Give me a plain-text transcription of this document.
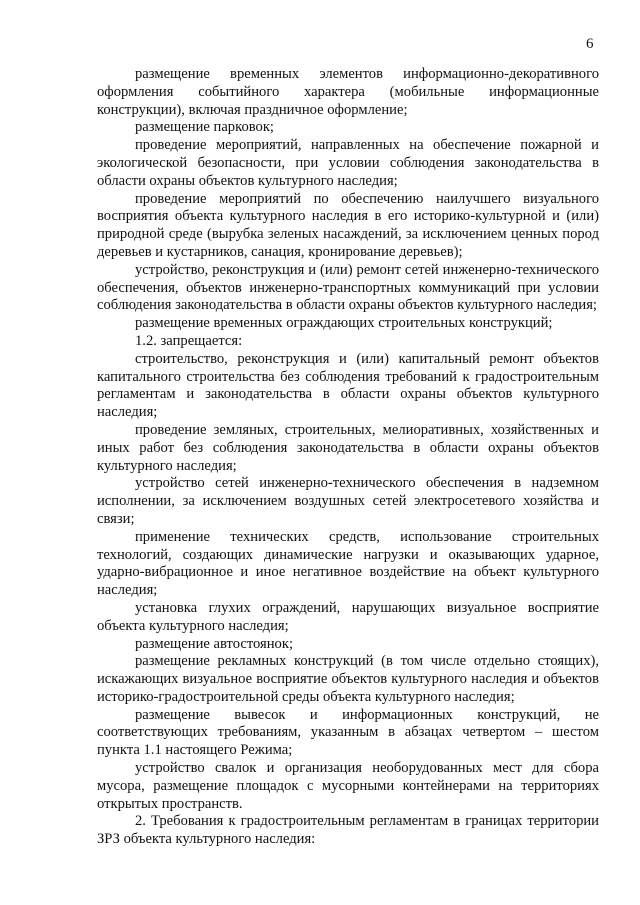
6

размещение временных элементов информационно-декоративного оформления событийного характера (мобильные информационные конструкции), включая праздничное оформление;

размещение парковок;

проведение мероприятий, направленных на обеспечение пожарной и экологической безопасности, при условии соблюдения законодательства в области охраны объектов культурного наследия;

проведение мероприятий по обеспечению наилучшего визуального восприятия объекта культурного наследия в его историко-культурной и (или) природной среде (вырубка зеленых насаждений, за исключением ценных пород деревьев и кустарников, санация, кронирование деревьев);

устройство, реконструкция и (или) ремонт сетей инженерно-технического обеспечения, объектов инженерно-транспортных коммуникаций при условии соблюдения законодательства в области охраны объектов культурного наследия;

размещение временных ограждающих строительных конструкций;

1.2. запрещается:

строительство, реконструкция и (или) капитальный ремонт объектов капитального строительства без соблюдения требований к градостроительным регламентам и законодательства в области охраны объектов культурного наследия;

проведение земляных, строительных, мелиоративных, хозяйственных и иных работ без соблюдения законодательства в области охраны объектов культурного наследия;

устройство сетей инженерно-технического обеспечения в надземном исполнении, за исключением воздушных сетей электросетевого хозяйства и связи;

применение технических средств, использование строительных технологий, создающих динамические нагрузки и оказывающих ударное, ударно-вибрационное и иное негативное воздействие на объект культурного наследия;

установка глухих ограждений, нарушающих визуальное восприятие объекта культурного наследия;

размещение автостоянок;

размещение рекламных конструкций (в том числе отдельно стоящих), искажающих визуальное восприятие объектов культурного наследия и объектов историко-градостроительной среды объекта культурного наследия;

размещение вывесок и информационных конструкций, не соответствующих требованиям, указанным в абзацах четвертом – шестом пункта 1.1 настоящего Режима;

устройство свалок и организация необорудованных мест для сбора мусора, размещение площадок с мусорными контейнерами на территориях открытых пространств.

2. Требования к градостроительным регламентам в границах территории ЗРЗ объекта культурного наследия:
